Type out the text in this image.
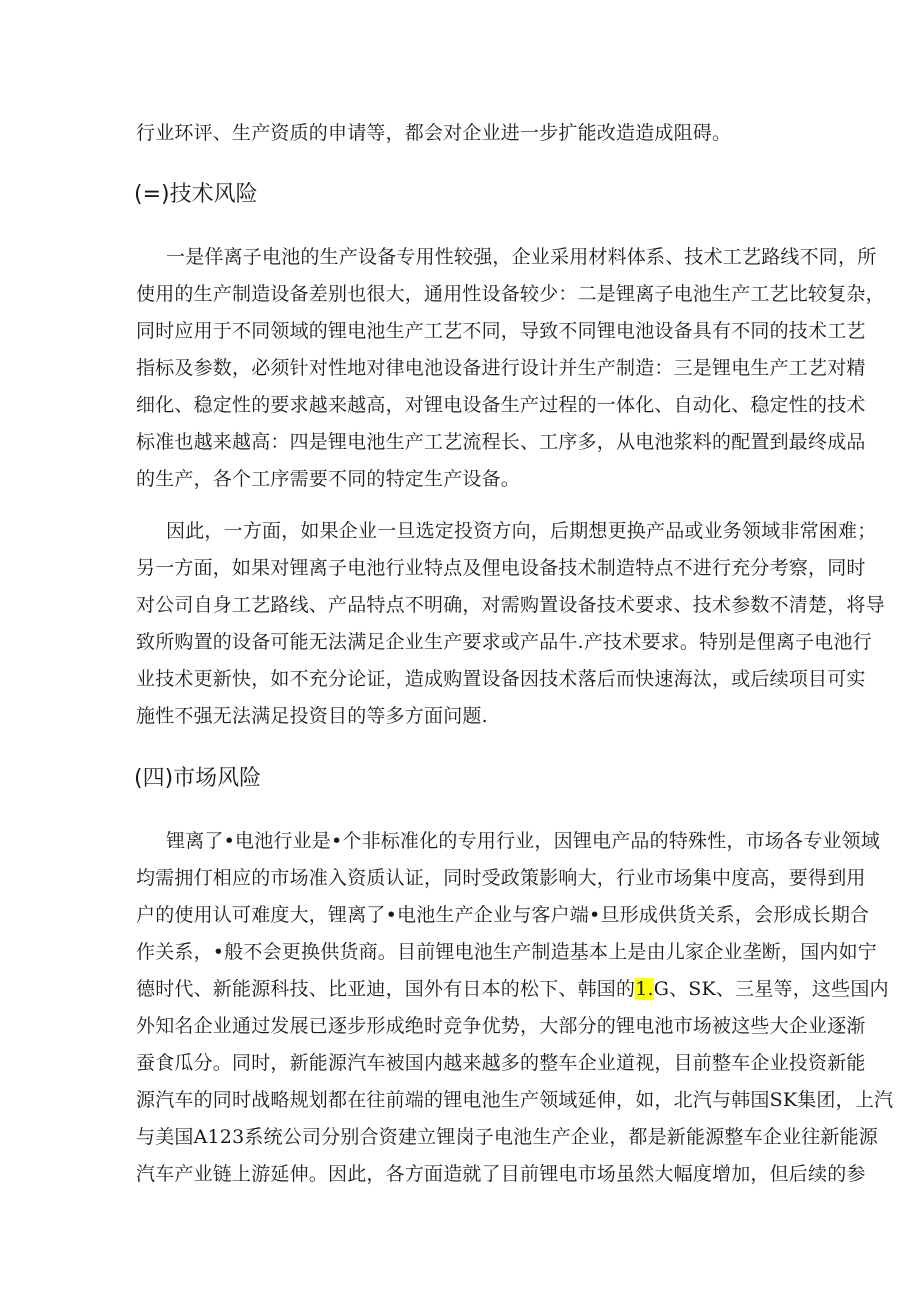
行业环评、生产资质的申请等，都会对企业进一步扩能改造造成阻碍。
(=)技术风险
一是佯离子电池的生产设备专用性较强，企业采用材料体系、技术工艺路线不同，所
使用的生产制造设备差别也很大，通用性设备较少：二是锂离子电池生产工艺比较复杂，
同时应用于不同领域的锂电池生产工艺不同，导致不同锂电池设备具有不同的技术工艺
指标及参数，必须针对性地对律电池设备进行设计并生产制造：三是锂电生产工艺对精
细化、稳定性的要求越来越高，对锂电设备生产过程的一体化、自动化、稳定性的技术
标准也越来越高：四是锂电池生产工艺流程长、工序多，从电池浆料的配置到最终成品
的生产，各个工序需要不同的特定生产设备。
因此，一方面，如果企业一旦选定投资方向，后期想更换产品或业务领域非常困难；
另一方面，如果对锂离子电池行业特点及俚电设备技术制造特点不进行充分考察，同时
对公司自身工艺路线、产品特点不明确，对需购置设备技术要求、技术参数不清楚，将导
致所购置的设备可能无法满足企业生产要求或产品牛.产技术要求。特别是俚离子电池行
业技术更新快，如不充分论证，造成购置设备因技术落后而快速海汰，或后续项目可实
施性不强无法满足投资目的等多方面问题.
(四)市场风险
锂离了•电池行业是•个非标准化的专用行业，因锂电产品的特殊性，市场各专业领域
均需拥仃相应的市场准入资质认证，同时受政策影响大，行业市场集中度高，要得到用
户的使用认可难度大，锂离了•电池生产企业与客户端•旦形成供货关系，会形成长期合
作关系，•般不会更换供货商。目前锂电池生产制造基本上是由儿家企业垄断，国内如宁
德时代、新能源科技、比亚迪，国外有日本的松下、韩国的1.G、SK、三星等，这些国内
外知名企业通过发展已逐步形成绝时竞争优势，大部分的锂电池市场被这些大企业逐渐
蚕食瓜分。同时，新能源汽车被国内越来越多的整车企业道视，目前整车企业投资新能
源汽车的同时战略规划都在往前端的锂电池生产领域延伸，如，北汽与韩国SK集团，上汽
与美国A123系统公司分别合资建立锂岗子电池生产企业，都是新能源整车企业往新能源
汽车产业链上游延伸。因此，各方面造就了目前锂电市场虽然大幅度增加，但后续的参
